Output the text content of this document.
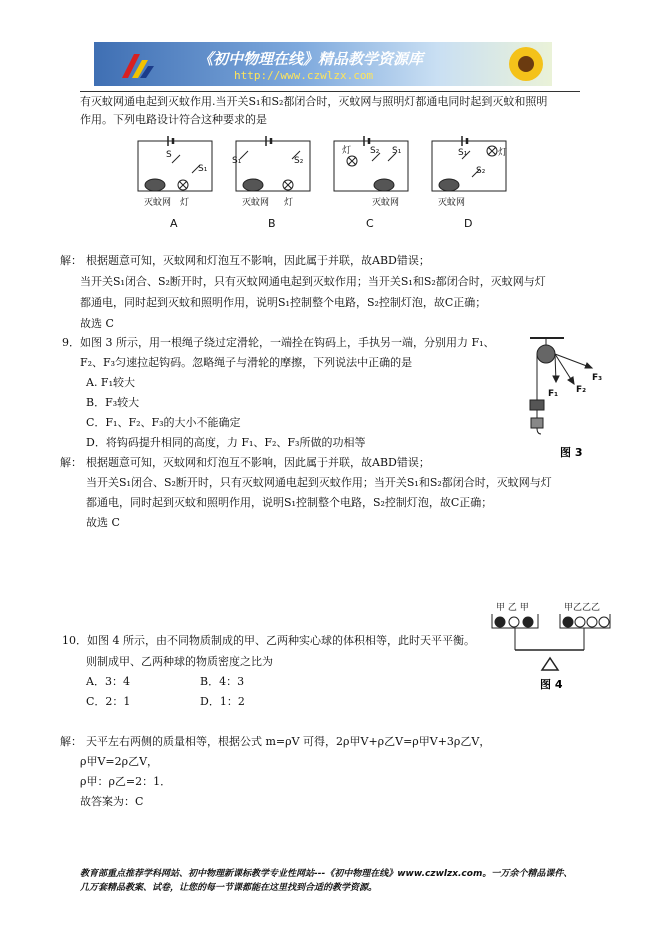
《初中物理在线》精品教学资源库
http://www.czwlzx.com
有灭蚊网通电起到灭蚊作用.当开关S₁和S₂都闭合时，灭蚊网与照明灯都通电同时起到灭蚊和照明
作用。下列电路设计符合这种要求的是
S
S₁
灭蚊网 灯
A
S₁	S₂
灭蚊网 灯
B
灯 S₂ S₁
灭蚊网
C
S₁	灯
S₂
灭蚊网
D
解： 根据题意可知，灭蚊网和灯泡互不影响，因此属于并联，故ABD错误；
当开关S₁闭合、S₂断开时，只有灭蚊网通电起到灭蚊作用；当开关S₁和S₂都闭合时，灭蚊网与灯
都通电，同时起到灭蚊和照明作用，说明S₁控制整个电路，S₂控制灯泡，故C正确；
故选 C
9．如图 3 所示，用一根绳子绕过定滑轮，一端拴在钩码上，手执另一端，分别用力 F₁、
F₂、F₃匀速拉起钩码。忽略绳子与滑轮的摩擦，下列说法中正确的是
A. F₁较大
B．F₃较大
C．F₁、F₂、F₃的大小不能确定
D．将钩码提升相同的高度，力 F₁、F₂、F₃所做的功相等
F₁ F₂
F₃
图 3
解： 根据题意可知，灭蚊网和灯泡互不影响，因此属于并联，故ABD错误；
当开关S₁闭合、S₂断开时，只有灭蚊网通电起到灭蚊作用；当开关S₁和S₂都闭合时，灭蚊网与灯
都通电，同时起到灭蚊和照明作用，说明S₁控制整个电路，S₂控制灯泡，故C正确；
故选 C
甲 乙 甲	甲乙乙乙
图 4
10．如图 4 所示，由不同物质制成的甲、乙两种实心球的体积相等，此时天平平衡。
则制成甲、乙两种球的物质密度之比为
A．3：4	B．4：3
C．2：1	D．1：2
解： 天平左右两侧的质量相等，根据公式 m=ρV 可得，2ρ甲V+ρ乙V=ρ甲V+3ρ乙V，
ρ甲V=2ρ乙V，
ρ甲：ρ乙=2：1．
故答案为：C
教育部重点推荐学科网站、初中物理新课标教学专业性网站---《初中物理在线》www.czwlzx.com。一万余个精品课件、
几万套精品教案、试卷，让您的每一节课都能在这里找到合适的教学资源。
